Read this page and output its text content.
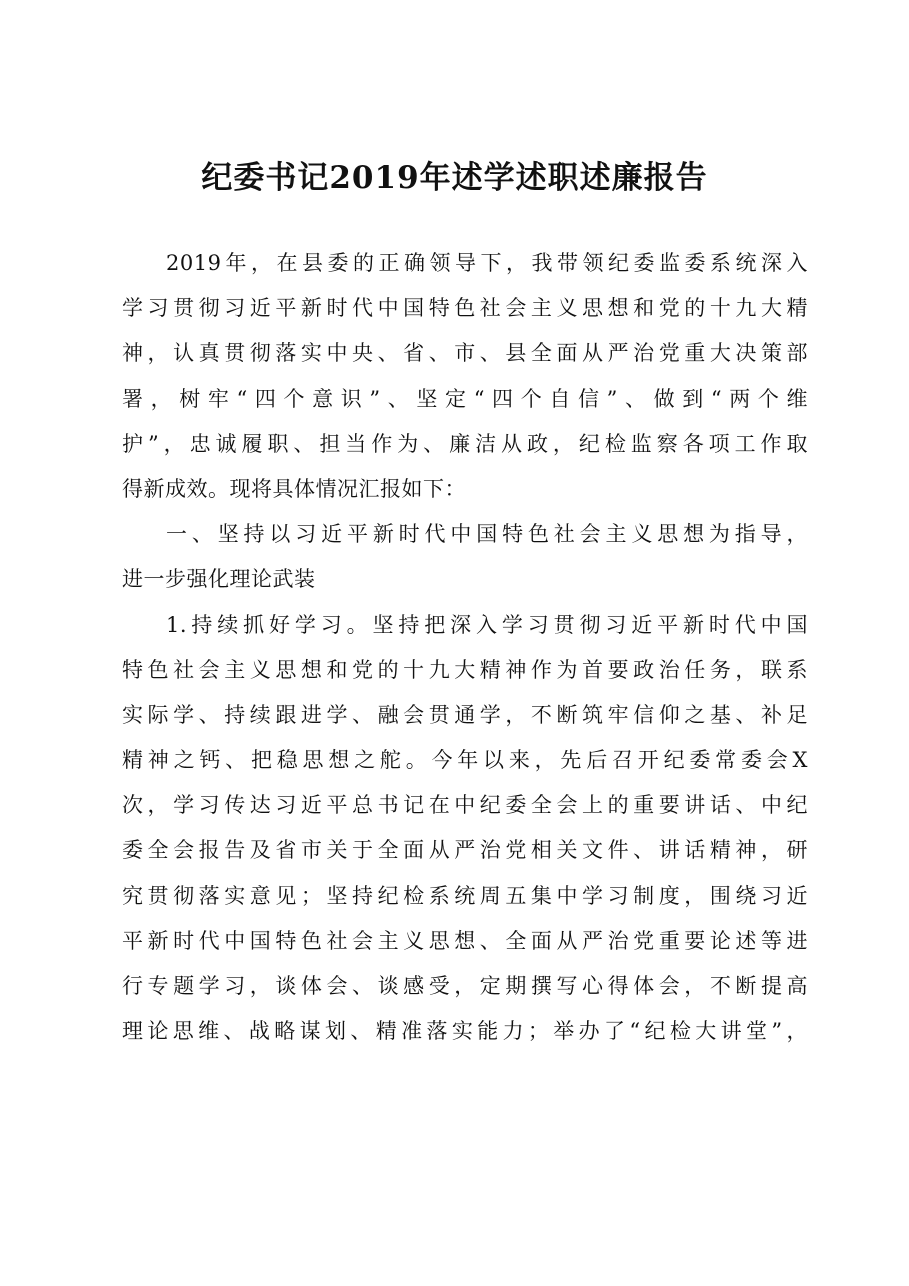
纪委书记2019年述学述职述廉报告
2019年，在县委的正确领导下，我带领纪委监委系统深入
学习贯彻习近平新时代中国特色社会主义思想和党的十九大精
神，认真贯彻落实中央、省、市、县全面从严治党重大决策部
署，树牢“四个意识”、坚定“四个自信”、做到“两个维
护”，忠诚履职、担当作为、廉洁从政，纪检监察各项工作取
得新成效。现将具体情况汇报如下：
一、坚持以习近平新时代中国特色社会主义思想为指导，
进一步强化理论武装
1.持续抓好学习。坚持把深入学习贯彻习近平新时代中国
特色社会主义思想和党的十九大精神作为首要政治任务，联系
实际学、持续跟进学、融会贯通学，不断筑牢信仰之基、补足
精神之钙、把稳思想之舵。今年以来，先后召开纪委常委会X
次，学习传达习近平总书记在中纪委全会上的重要讲话、中纪
委全会报告及省市关于全面从严治党相关文件、讲话精神，研
究贯彻落实意见；坚持纪检系统周五集中学习制度，围绕习近
平新时代中国特色社会主义思想、全面从严治党重要论述等进
行专题学习，谈体会、谈感受，定期撰写心得体会，不断提高
理论思维、战略谋划、精准落实能力；举办了“纪检大讲堂”，
